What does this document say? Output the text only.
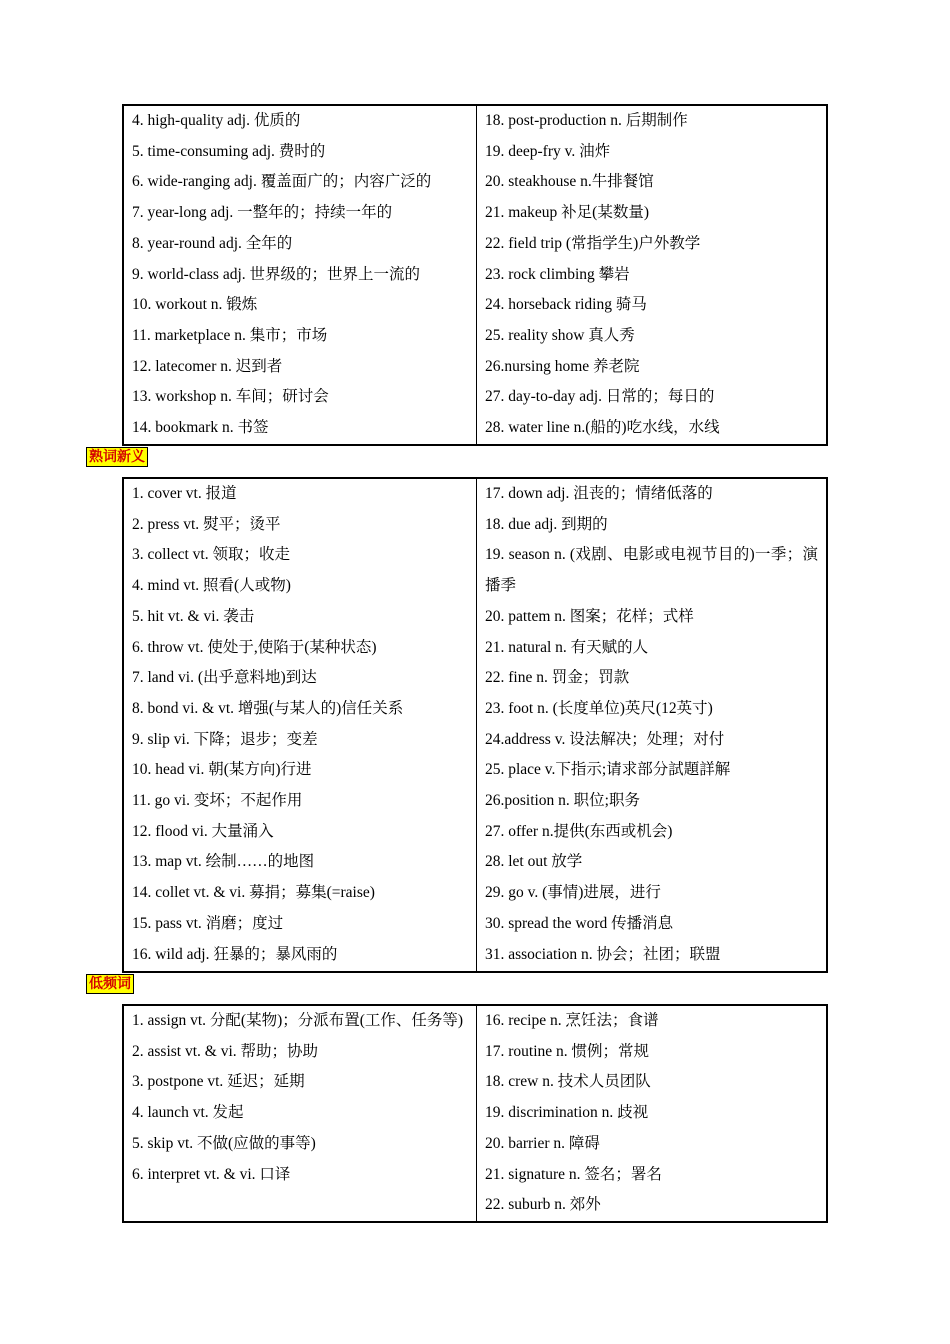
4. high-quality adj. 优质的
5. time-consuming adj. 费时的
6. wide-ranging adj. 覆盖面广的；内容广泛的
7. year-long adj. 一整年的；持续一年的
8. year-round adj. 全年的
9. world-class adj. 世界级的；世界上一流的
10. workout n. 锻炼
11. marketplace n. 集市；市场
12. latecomer n. 迟到者
13. workshop n. 车间；研讨会
14. bookmark n. 书签
18. post-production n. 后期制作
19. deep-fry v. 油炸
20. steakhouse n.牛排餐馆
21. makeup 补足(某数量)
22. field trip (常指学生)户外教学
23. rock climbing 攀岩
24. horseback riding 骑马
25. reality show 真人秀
26.nursing home 养老院
27. day-to-day adj. 日常的；每日的
28. water line n.(船的)吃水线，水线
熟词新义
1. cover vt. 报道
2. press vt. 熨平；烫平
3. collect vt. 领取；收走
4. mind vt. 照看(人或物)
5. hit vt. & vi. 袭击
6. throw vt. 使处于,使陷于(某种状态)
7. land vi. (出乎意料地)到达
8. bond vi. & vt. 增强(与某人的)信任关系
9. slip vi. 下降；退步；变差
10. head vi. 朝(某方向)行进
11. go vi. 变坏；不起作用
12. flood vi. 大量涌入
13. map vt. 绘制……的地图
14. collet vt. & vi. 募捐；募集(=raise)
15. pass vt. 消磨；度过
16. wild adj. 狂暴的；暴风雨的
17. down adj. 沮丧的；情绪低落的
18. due adj. 到期的
19. season n. (戏剧、电影或电视节目的)一季；演播季
20. pattem n. 图案；花样；式样
21. natural n. 有天赋的人
22. fine n. 罚金；罚款
23. foot n. (长度单位)英尺(12英寸)
24.address v. 设法解决；处理；对付
25. place v.下指示;请求部分試題詳解
26.position n. 职位;职务
27. offer n.提供(东西或机会)
28. let out 放学
29. go v. (事情)进展，进行
30. spread the word 传播消息
31. association n. 协会；社团；联盟
低频词
1. assign vt. 分配(某物)；分派布置(工作、任务等)
2. assist vt. & vi. 帮助；协助
3. postpone vt. 延迟；延期
4. launch vt. 发起
5. skip vt. 不做(应做的事等)
6. interpret vt. & vi. 口译
16. recipe n. 烹饪法；食谱
17. routine n. 惯例；常规
18. crew n. 技术人员团队
19. discrimination n. 歧视
20. barrier n. 障碍
21. signature n. 签名；署名
22. suburb n. 郊外
